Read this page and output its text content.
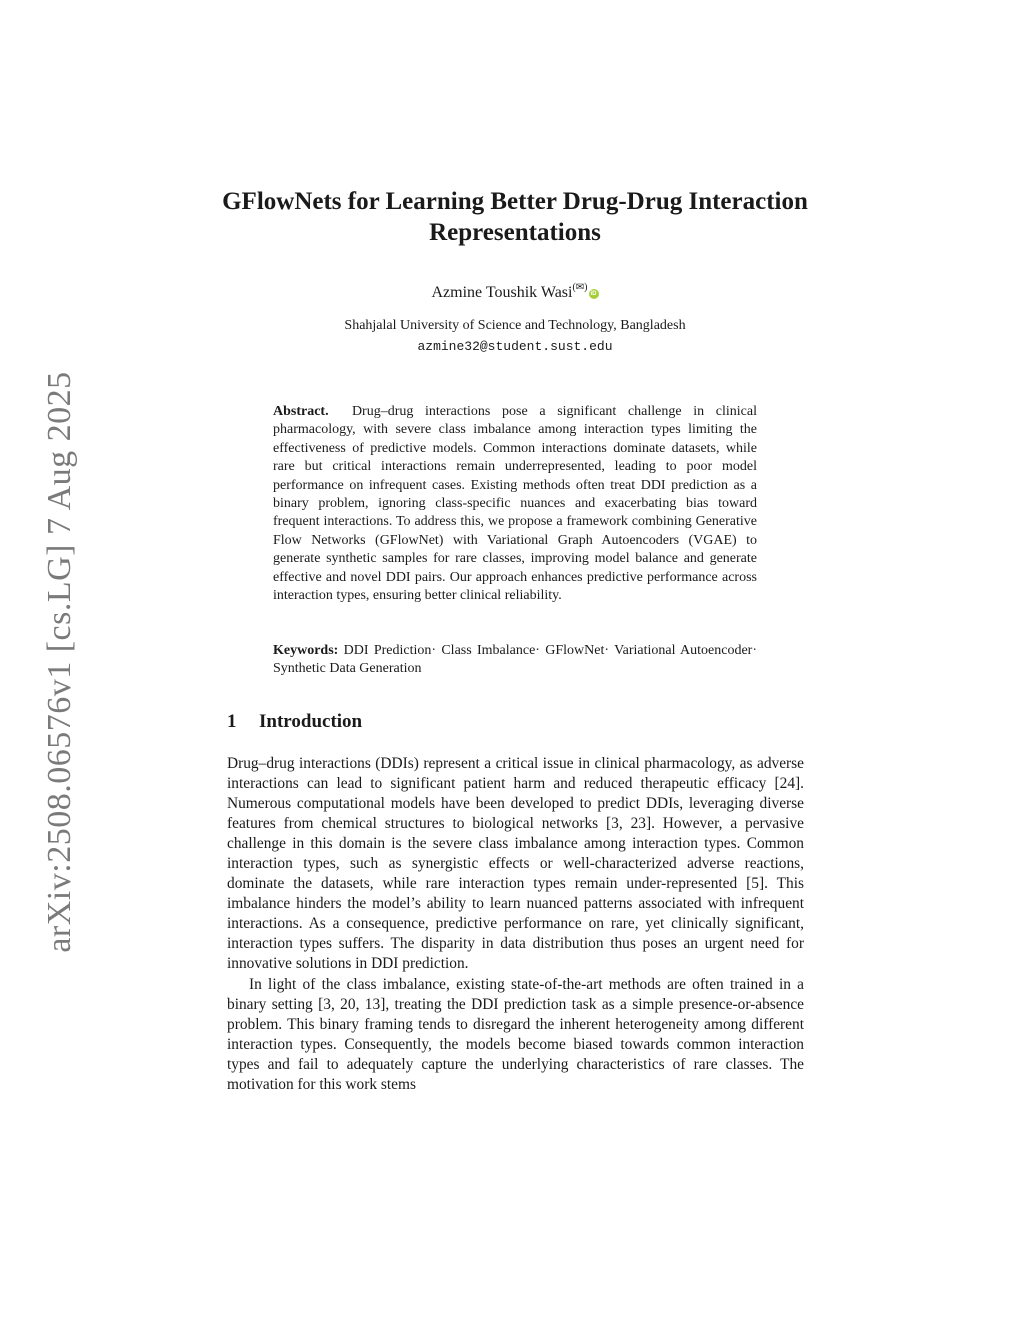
arXiv:2508.06576v1 [cs.LG] 7 Aug 2025
GFlowNets for Learning Better Drug-Drug Interaction Representations
Azmine Toushik Wasi(✉)iD
Shahjalal University of Science and Technology, Bangladesh
azmine32@student.sust.edu
Abstract. Drug–drug interactions pose a significant challenge in clinical pharmacology, with severe class imbalance among interaction types limiting the effectiveness of predictive models. Common interactions dominate datasets, while rare but critical interactions remain underrepresented, leading to poor model performance on infrequent cases. Existing methods often treat DDI prediction as a binary problem, ignoring class-specific nuances and exacerbating bias toward frequent interactions. To address this, we propose a framework combining Generative Flow Networks (GFlowNet) with Variational Graph Autoencoders (VGAE) to generate synthetic samples for rare classes, improving model balance and generate effective and novel DDI pairs. Our approach enhances predictive performance across interaction types, ensuring better clinical reliability.
Keywords: DDI Prediction· Class Imbalance· GFlowNet· Variational Autoencoder· Synthetic Data Generation
1 Introduction

Drug–drug interactions (DDIs) represent a critical issue in clinical pharmacology, as adverse interactions can lead to significant patient harm and reduced therapeutic efficacy [24]. Numerous computational models have been developed to predict DDIs, leveraging diverse features from chemical structures to biological networks [3, 23]. However, a pervasive challenge in this domain is the severe class imbalance among interaction types. Common interaction types, such as synergistic effects or well-characterized adverse reactions, dominate the datasets, while rare interaction types remain under-represented [5]. This imbalance hinders the model’s ability to learn nuanced patterns associated with infrequent interactions. As a consequence, predictive performance on rare, yet clinically significant, interaction types suffers. The disparity in data distribution thus poses an urgent need for innovative solutions in DDI prediction.

In light of the class imbalance, existing state-of-the-art methods are often trained in a binary setting [3, 20, 13], treating the DDI prediction task as a simple presence-or-absence problem. This binary framing tends to disregard the inherent heterogeneity among different interaction types. Consequently, the models become biased towards common interaction types and fail to adequately capture the underlying characteristics of rare classes. The motivation for this work stems
